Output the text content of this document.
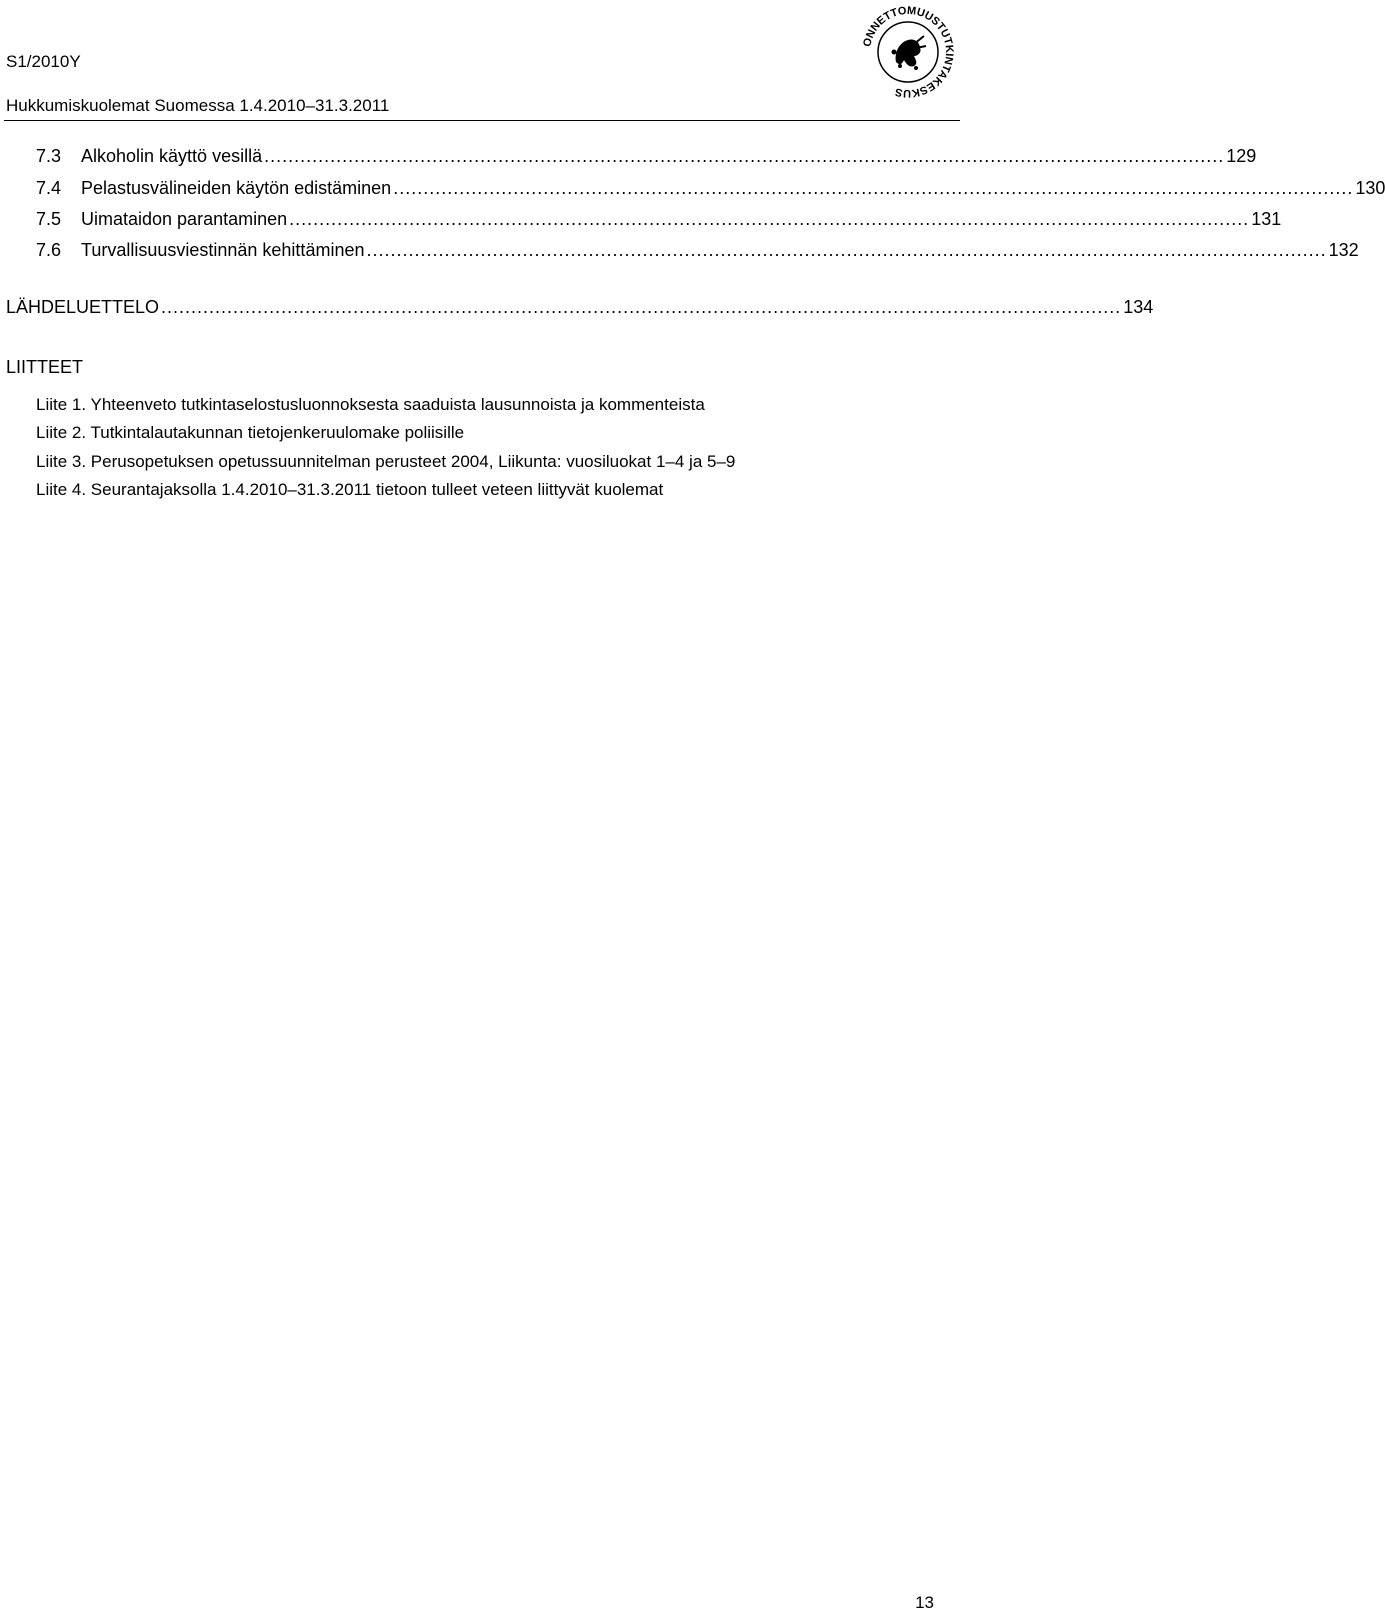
S1/2010Y
Hukkumiskuolemat Suomessa 1.4.2010–31.3.2011
ONNETTOMUUSTUTKINTAKESKUS
7.3	Alkoholin käyttö vesillä ................................................................................................................................................................ 129
7.4	Pelastusvälineiden käytön edistäminen ................................................................................................................................................................ 130
7.5	Uimataidon parantaminen ................................................................................................................................................................ 131
7.6	Turvallisuusviestinnän kehittäminen ................................................................................................................................................................ 132
LÄHDELUETTELO ................................................................................................................................................................ 134
LIITTEET
Liite 1. Yhteenveto tutkintaselostusluonnoksesta saaduista lausunnoista ja kommenteista
Liite 2. Tutkintalautakunnan tietojenkeruulomake poliisille
Liite 3. Perusopetuksen opetussuunnitelman perusteet 2004, Liikunta: vuosiluokat 1–4 ja 5–9
Liite 4. Seurantajaksolla 1.4.2010–31.3.2011 tietoon tulleet veteen liittyvät kuolemat
13
